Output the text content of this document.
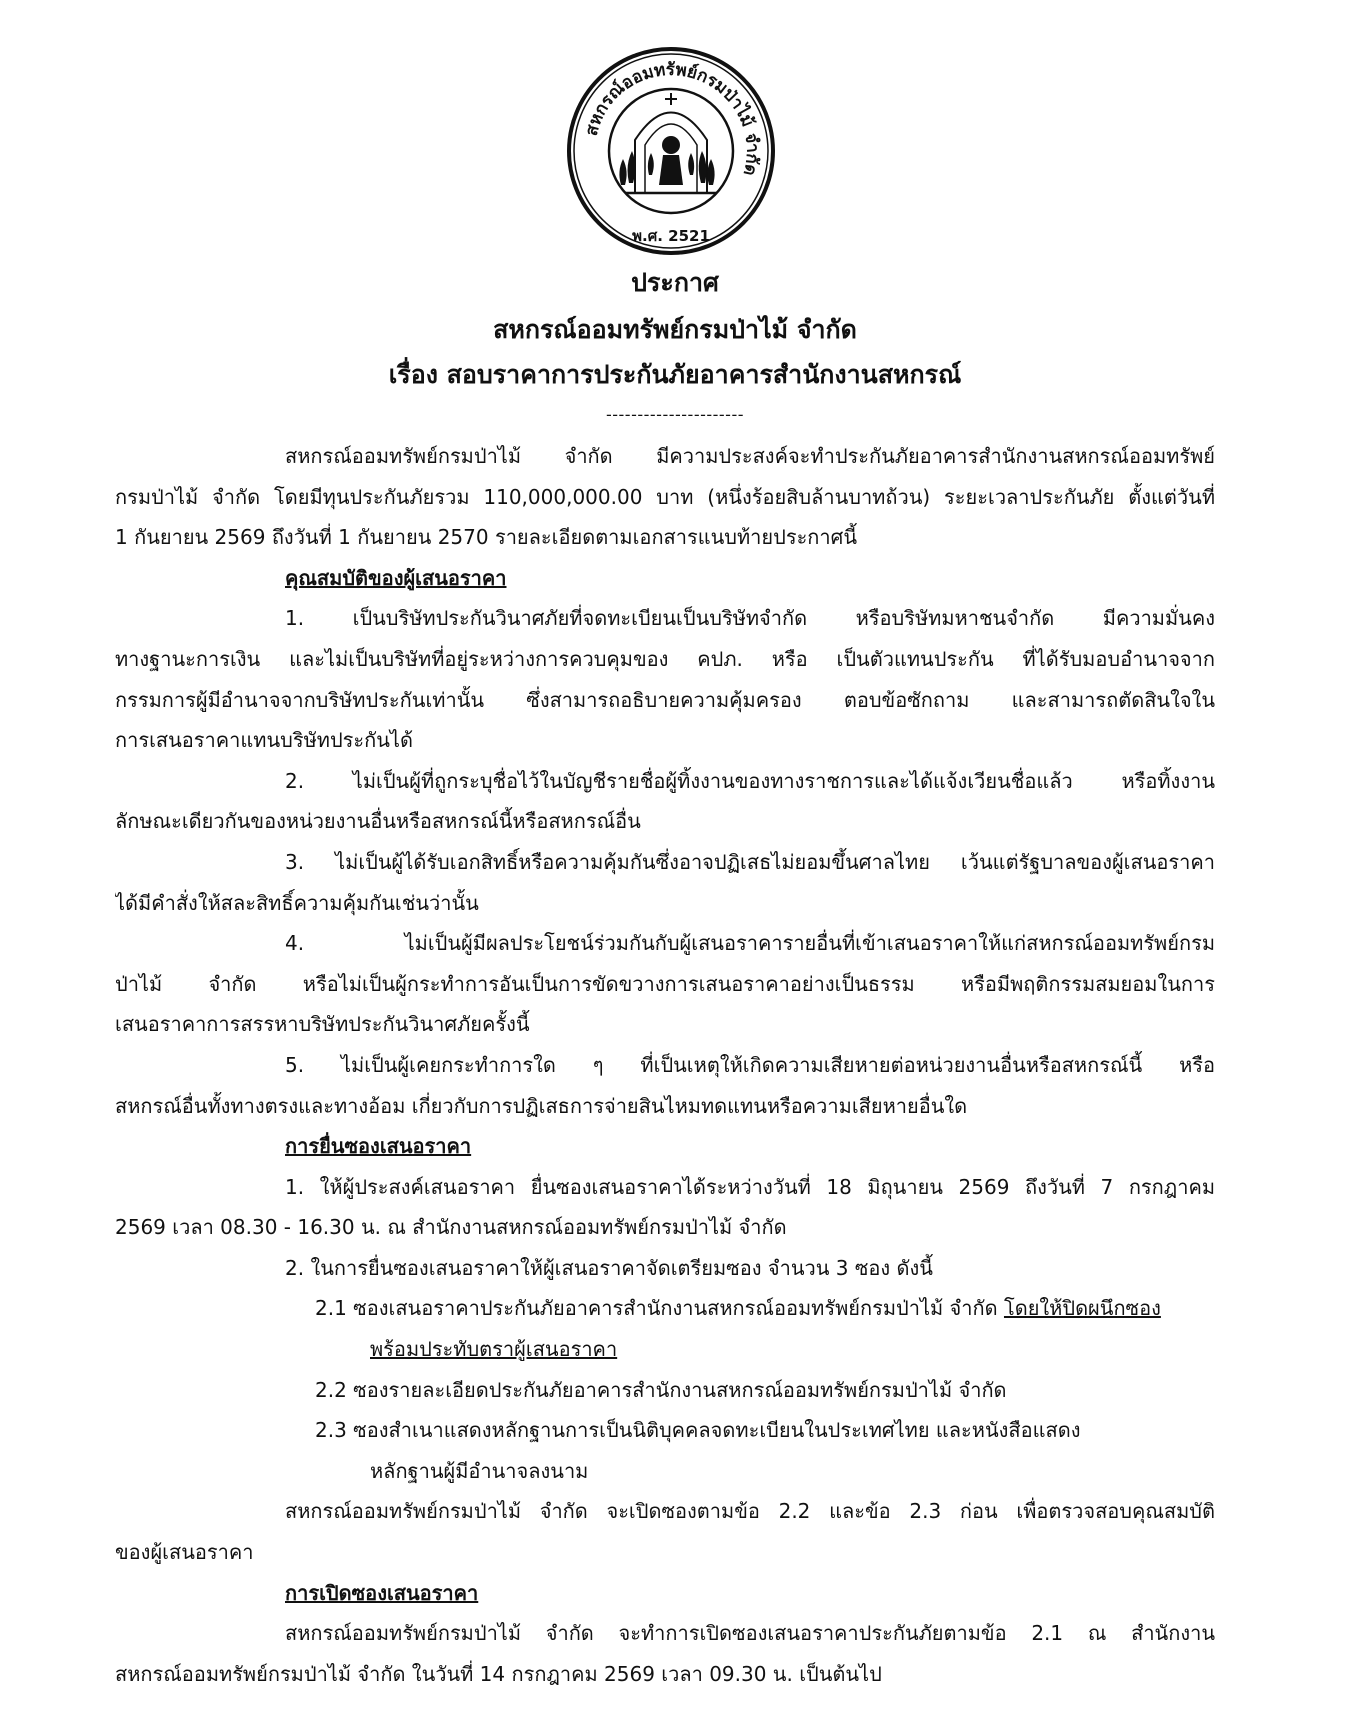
สหกรณ์ออมทรัพย์กรมป่าไม้ จำกัด
พ.ศ. 2521
ประกาศ
สหกรณ์ออมทรัพย์กรมป่าไม้ จำกัด
เรื่อง สอบราคาการประกันภัยอาคารสำนักงานสหกรณ์
----------------------
สหกรณ์ออมทรัพย์กรมป่าไม้ จำกัด มีความประสงค์จะทำประกันภัยอาคารสำนักงานสหกรณ์ออมทรัพย์
กรมป่าไม้ จำกัด โดยมีทุนประกันภัยรวม 110,000,000.00 บาท (หนึ่งร้อยสิบล้านบาทถ้วน) ระยะเวลาประกันภัย ตั้งแต่วันที่
1 กันยายน 2569 ถึงวันที่ 1 กันยายน 2570 รายละเอียดตามเอกสารแนบท้ายประกาศนี้
คุณสมบัติของผู้เสนอราคา
1. เป็นบริษัทประกันวินาศภัยที่จดทะเบียนเป็นบริษัทจำกัด หรือบริษัทมหาชนจำกัด มีความมั่นคง
ทางฐานะการเงิน และไม่เป็นบริษัทที่อยู่ระหว่างการควบคุมของ คปภ. หรือ เป็นตัวแทนประกัน ที่ได้รับมอบอำนาจจาก
กรรมการผู้มีอำนาจจากบริษัทประกันเท่านั้น ซึ่งสามารถอธิบายความคุ้มครอง ตอบข้อซักถาม และสามารถตัดสินใจใน
การเสนอราคาแทนบริษัทประกันได้
2. ไม่เป็นผู้ที่ถูกระบุชื่อไว้ในบัญชีรายชื่อผู้ทิ้งงานของทางราชการและได้แจ้งเวียนชื่อแล้ว หรือทิ้งงาน
ลักษณะเดียวกันของหน่วยงานอื่นหรือสหกรณ์นี้หรือสหกรณ์อื่น
3. ไม่เป็นผู้ได้รับเอกสิทธิ์หรือความคุ้มกันซึ่งอาจปฏิเสธไม่ยอมขึ้นศาลไทย เว้นแต่รัฐบาลของผู้เสนอราคา
ได้มีคำสั่งให้สละสิทธิ์ความคุ้มกันเช่นว่านั้น
4. ไม่เป็นผู้มีผลประโยชน์ร่วมกันกับผู้เสนอราคารายอื่นที่เข้าเสนอราคาให้แก่สหกรณ์ออมทรัพย์กรม
ป่าไม้ จำกัด หรือไม่เป็นผู้กระทำการอันเป็นการขัดขวางการเสนอราคาอย่างเป็นธรรม หรือมีพฤติกรรมสมยอมในการ
เสนอราคาการสรรหาบริษัทประกันวินาศภัยครั้งนี้
5. ไม่เป็นผู้เคยกระทำการใด ๆ ที่เป็นเหตุให้เกิดความเสียหายต่อหน่วยงานอื่นหรือสหกรณ์นี้ หรือ
สหกรณ์อื่นทั้งทางตรงและทางอ้อม เกี่ยวกับการปฏิเสธการจ่ายสินไหมทดแทนหรือความเสียหายอื่นใด
การยื่นซองเสนอราคา
1. ให้ผู้ประสงค์เสนอราคา ยื่นซองเสนอราคาได้ระหว่างวันที่ 18 มิถุนายน 2569 ถึงวันที่ 7 กรกฎาคม
2569 เวลา 08.30 - 16.30 น. ณ สำนักงานสหกรณ์ออมทรัพย์กรมป่าไม้ จำกัด
2. ในการยื่นซองเสนอราคาให้ผู้เสนอราคาจัดเตรียมซอง จำนวน 3 ซอง ดังนี้
2.1 ซองเสนอราคาประกันภัยอาคารสำนักงานสหกรณ์ออมทรัพย์กรมป่าไม้ จำกัด โดยให้ปิดผนึกซอง
พร้อมประทับตราผู้เสนอราคา
2.2 ซองรายละเอียดประกันภัยอาคารสำนักงานสหกรณ์ออมทรัพย์กรมป่าไม้ จำกัด
2.3 ซองสำเนาแสดงหลักฐานการเป็นนิติบุคคลจดทะเบียนในประเทศไทย และหนังสือแสดง
หลักฐานผู้มีอำนาจลงนาม
สหกรณ์ออมทรัพย์กรมป่าไม้ จำกัด จะเปิดซองตามข้อ 2.2 และข้อ 2.3 ก่อน เพื่อตรวจสอบคุณสมบัติ
ของผู้เสนอราคา
การเปิดซองเสนอราคา
สหกรณ์ออมทรัพย์กรมป่าไม้ จำกัด จะทำการเปิดซองเสนอราคาประกันภัยตามข้อ 2.1 ณ สำนักงาน
สหกรณ์ออมทรัพย์กรมป่าไม้ จำกัด ในวันที่ 14 กรกฎาคม 2569 เวลา 09.30 น. เป็นต้นไป
